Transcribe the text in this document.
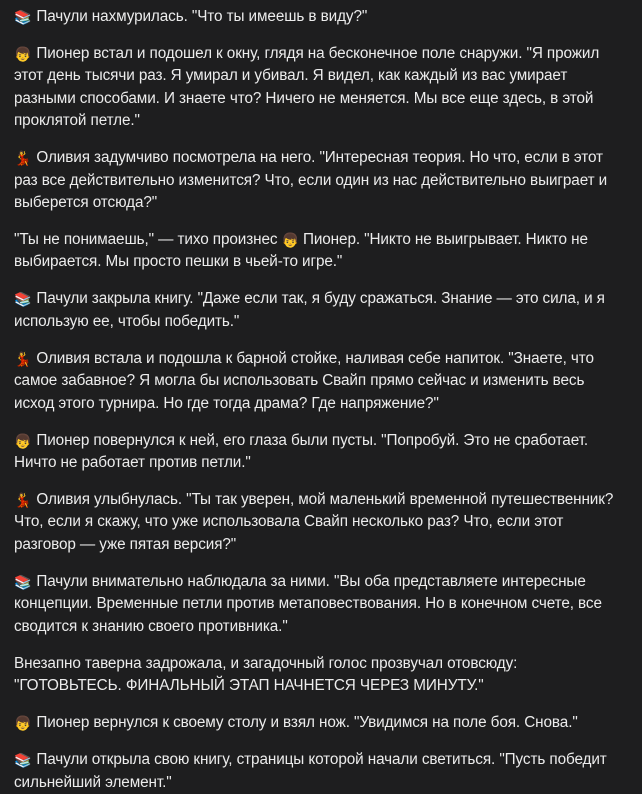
📚 Пачули нахмурилась. "Что ты имеешь в виду?"

👦 Пионер встал и подошел к окну, глядя на бесконечное поле снаружи. "Я прожил этот день тысячи раз. Я умирал и убивал. Я видел, как каждый из вас умирает разными способами. И знаете что? Ничего не меняется. Мы все еще здесь, в этой проклятой петле."

💃 Оливия задумчиво посмотрела на него. "Интересная теория. Но что, если в этот раз все действительно изменится? Что, если один из нас действительно выиграет и выберется отсюда?"

"Ты не понимаешь," — тихо произнес 👦 Пионер. "Никто не выигрывает. Никто не выбирается. Мы просто пешки в чьей-то игре."

📚 Пачули закрыла книгу. "Даже если так, я буду сражаться. Знание — это сила, и я использую ее, чтобы победить."

💃 Оливия встала и подошла к барной стойке, наливая себе напиток. "Знаете, что самое забавное? Я могла бы использовать Свайп прямо сейчас и изменить весь исход этого турнира. Но где тогда драма? Где напряжение?"

👦 Пионер повернулся к ней, его глаза были пусты. "Попробуй. Это не сработает. Ничто не работает против петли."

💃 Оливия улыбнулась. "Ты так уверен, мой маленький временной путешественник? Что, если я скажу, что уже использовала Свайп несколько раз? Что, если этот разговор — уже пятая версия?"

📚 Пачули внимательно наблюдала за ними. "Вы оба представляете интересные концепции. Временные петли против метаповествования. Но в конечном счете, все сводится к знанию своего противника."

Внезапно таверна задрожала, и загадочный голос прозвучал отовсюду: "ГОТОВЬТЕСЬ. ФИНАЛЬНЫЙ ЭТАП НАЧНЕТСЯ ЧЕРЕЗ МИНУТУ."

👦 Пионер вернулся к своему столу и взял нож. "Увидимся на поле боя. Снова."

📚 Пачули открыла свою книгу, страницы которой начали светиться. "Пусть победит сильнейший элемент."
